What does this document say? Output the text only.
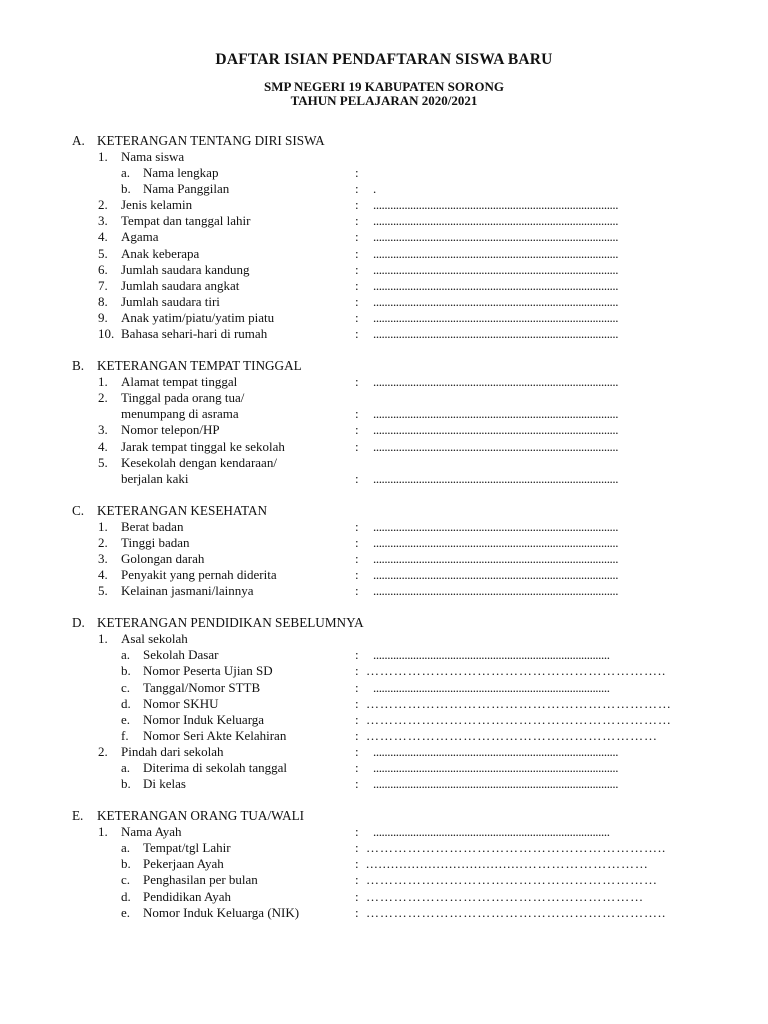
DAFTAR ISIAN PENDAFTARAN SISWA BARU
SMP NEGERI 19 KABUPATEN SORONG
TAHUN PELAJARAN 2020/2021
A. KETERANGAN TENTANG DIRI SISWA
1. Nama siswa
a. Nama lengkap	:
b. Nama Panggilan	: .
2. Jenis kelamin	: ......................................................................................
3. Tempat dan tanggal lahir	: ......................................................................................
4. Agama	: ......................................................................................
5. Anak keberapa	: ......................................................................................
6. Jumlah saudara kandung	: ......................................................................................
7. Jumlah saudara angkat	: ......................................................................................
8. Jumlah saudara tiri	: ......................................................................................
9. Anak yatim/piatu/yatim piatu	: ......................................................................................
10. Bahasa sehari-hari di rumah	: ......................................................................................
B. KETERANGAN TEMPAT TINGGAL
1. Alamat tempat tinggal	: ......................................................................................
2. Tinggal pada orang tua/
menumpang di asrama	: ......................................................................................
3. Nomor telepon/HP	: ......................................................................................
4. Jarak tempat tinggal ke sekolah	: ......................................................................................
5. Kesekolah dengan kendaraan/
berjalan kaki	: ......................................................................................
C. KETERANGAN KESEHATAN
1. Berat badan	: ......................................................................................
2. Tinggi badan	: ......................................................................................
3. Golongan darah	: ......................................................................................
4. Penyakit yang pernah diderita	: ......................................................................................
5. Kelainan jasmani/lainnya	: ......................................................................................
D. KETERANGAN PENDIDIKAN SEBELUMNYA
1. Asal sekolah
a. Sekolah Dasar	: ...................................................................................
b. Nomor Peserta Ujian SD	: ………………………………………………………..
c. Tanggal/Nomor STTB	: ...................................................................................
d. Nomor SKHU	: …………………………………………………………
e. Nomor Induk Keluarga	: …………………………………………………………
f. Nomor Seri Akte Kelahiran	: ………………………………………………………
2. Pindah dari sekolah	: ......................................................................................
a. Diterima di sekolah tanggal	: ......................................................................................
b. Di kelas	: ......................................................................................
E. KETERANGAN ORANG TUA/WALI
1. Nama Ayah	: ...................................................................................
a. Tempat/tgl Lahir	: ………………………………………………………..
b. Pekerjaan Ayah	: ......................................………………………
c. Penghasilan per bulan	: ………………………………………………………
d. Pendidikan Ayah	: ……………………………………………………
e. Nomor Induk Keluarga (NIK)	: ………………………………………………………..
